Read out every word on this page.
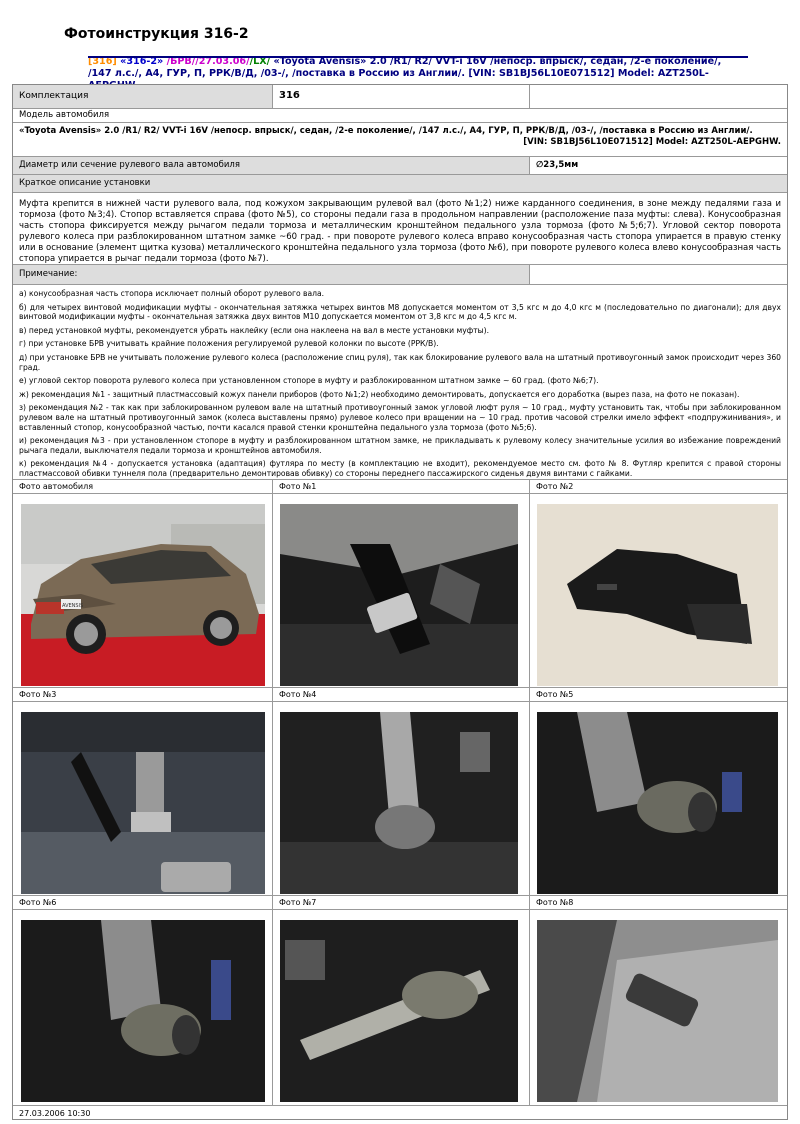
Фотоинструкция 316-2
[316] «316-2» /БРВ//27.03.06//LX/ «Toyota Avensis» 2.0 /R1/ R2/ VVT-i 16V /непоср. впрыск/, седан, /2-е поколение/, /147 л.с./, А4, ГУР, П, РРК/В/Д, /03-/, /поставка в Россию из Англии/. [VIN: SB1BJ56L10E071512] Model: AZT250L-
Комплектация	316
Модель автомобиля
«Toyota Avensis» 2.0 /R1/ R2/ VVT-i 16V /непоср. впрыск/, седан, /2-е поколение/, /147 л.с./, А4, ГУР, П, РРК/В/Д, /03-/, /поставка в Россию из Англии/.
[VIN: SB1BJ56L10E071512] Model: AZT250L-AEPGHW.
Диаметр или сечение рулевого вала автомобиля	∅23,5мм
Краткое описание установки
Муфта крепится в нижней части рулевого вала, под кожухом закрывающим рулевой вал (фото №1;2) ниже карданного соединения, в зоне между педалями газа и тормоза (фото №3;4). Стопор вставляется справа (фото №5), со стороны педали газа в продольном направлении (расположение паза муфты: слева). Конусообразная часть стопора фиксируется между рычагом педали тормоза и металлическим кронштейном педального узла тормоза (фото №5;6;7). Угловой сектор поворота рулевого колеса при разблокированном штатном замке ~60 град. - при повороте рулевого колеса вправо конусообразная часть стопора упирается в правую стенку или в основание (элемент щитка кузова) металлического кронштейна педального узла тормоза (фото №6), при повороте рулевого колеса влево конусообразная часть стопора упирается в рычаг педали тормоза (фото №7).
Примечание:

а) конусообразная часть стопора исключает полный оборот рулевого вала.

б) для четырех винтовой модификации муфты - окончательная затяжка четырех винтов М8 допускается моментом от 3,5 кгс м до 4,0 кгс м (последовательно по диагонали); для двух винтовой модификации муфты - окончательная затяжка двух винтов М10 допускается моментом от 3,8 кгс м до 4,5 кгс м.

в) перед установкой муфты, рекомендуется убрать наклейку (если она наклеена на вал в месте установки муфты).

г) при установке БРВ учитывать крайние положения регулируемой рулевой колонки по высоте (РРК/В).

д) при установке БРВ не учитывать положение рулевого колеса (расположение спиц руля), так как блокирование рулевого вала на штатный противоугонный замок происходит через 360 град.

е) угловой сектор поворота рулевого колеса при установленном стопоре в муфту и разблокированном штатном замке ~ 60 град. (фото №6;7).

ж) рекомендация №1 - защитный пластмассовый кожух панели приборов (фото №1;2) необходимо демонтировать, допускается его доработка (вырез паза, на фото не показан).

з) рекомендация №2 - так как при заблокированном рулевом вале на штатный противоугонный замок угловой люфт руля ~ 10 град., муфту установить так, чтобы при заблокированном рулевом вале на штатный противоугонный замок (колеса выставлены прямо) рулевое колесо при вращении на ~ 10 град. против часовой стрелки имело эффект «подпружинивания», и вставленный стопор, конусообразной частью, почти касался правой стенки кронштейна педального узла тормоза (фото №5;6).

и) рекомендация №3 - при установленном стопоре в муфту и разблокированном штатном замке, не прикладывать к рулевому колесу значительные усилия во избежание повреждений рычага педали, выключателя педали тормоза и кронштейнов автомобиля.

к) рекомендация №4 - допускается установка (адаптация) футляра по месту (в комплектацию не входит), рекомендуемое место см. фото № 8. Футляр крепится с правой стороны пластмассовой обивки туннеля пола (предварительно демонтировав обивку) со стороны переднего пассажирского сиденья двумя винтами с гайками.

Фото автомобиля	Фото №1	Фото №2
Фото №3	Фото №4	Фото №5
Фото №6	Фото №7	Фото №8
27.03.2006 10:30
AVENSIS
